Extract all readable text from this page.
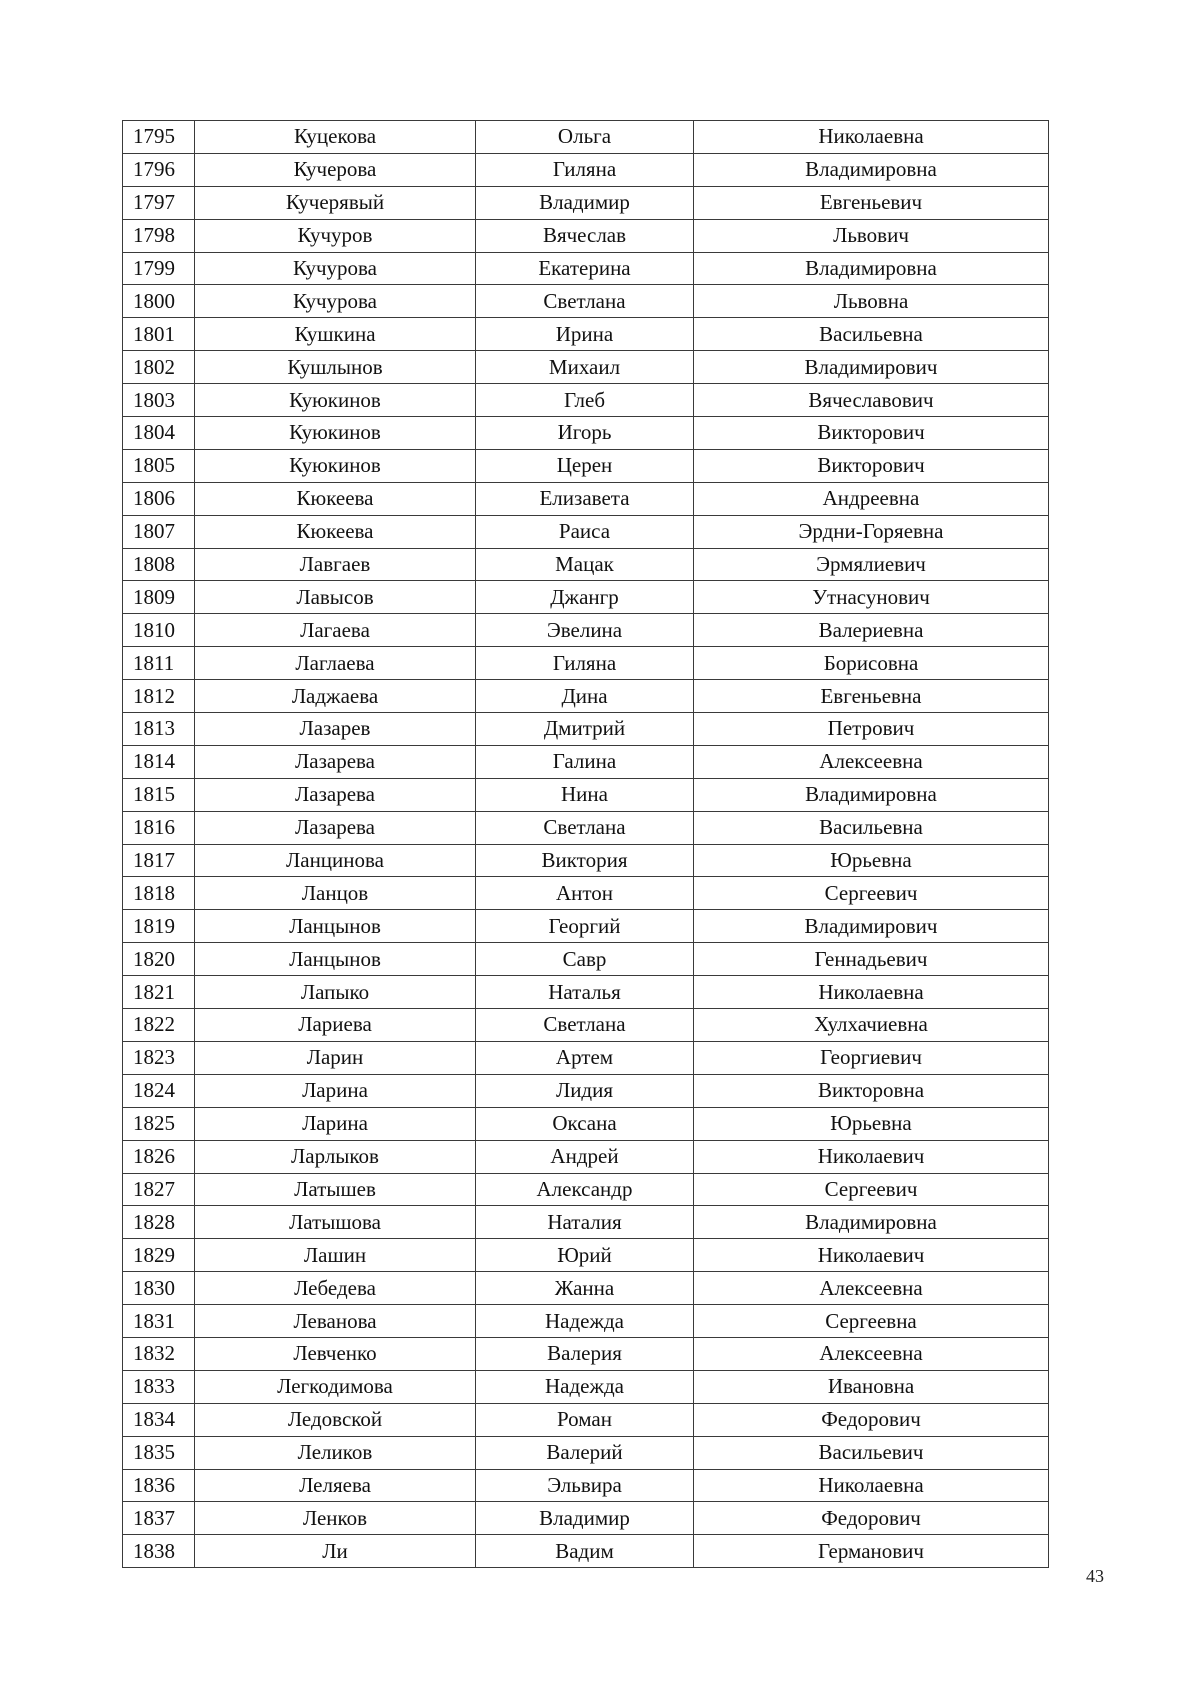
1795	Куцекова	Ольга	Николаевна
1796	Кучерова	Гиляна	Владимировна
1797	Кучерявый	Владимир	Евгеньевич
1798	Кучуров	Вячеслав	Львович
1799	Кучурова	Екатерина	Владимировна
1800	Кучурова	Светлана	Львовна
1801	Кушкина	Ирина	Васильевна
1802	Кушлынов	Михаил	Владимирович
1803	Куюкинов	Глеб	Вячеславович
1804	Куюкинов	Игорь	Викторович
1805	Куюкинов	Церен	Викторович
1806	Кюкеева	Елизавета	Андреевна
1807	Кюкеева	Раиса	Эрдни-Горяевна
1808	Лавгаев	Мацак	Эрмялиевич
1809	Лавысов	Джангр	Утнасунович
1810	Лагаева	Эвелина	Валериевна
1811	Лаглаева	Гиляна	Борисовна
1812	Ладжаева	Дина	Евгеньевна
1813	Лазарев	Дмитрий	Петрович
1814	Лазарева	Галина	Алексеевна
1815	Лазарева	Нина	Владимировна
1816	Лазарева	Светлана	Васильевна
1817	Ланцинова	Виктория	Юрьевна
1818	Ланцов	Антон	Сергеевич
1819	Ланцынов	Георгий	Владимирович
1820	Ланцынов	Савр	Геннадьевич
1821	Лапыко	Наталья	Николаевна
1822	Лариева	Светлана	Хулхачиевна
1823	Ларин	Артем	Георгиевич
1824	Ларина	Лидия	Викторовна
1825	Ларина	Оксана	Юрьевна
1826	Ларлыков	Андрей	Николаевич
1827	Латышев	Александр	Сергеевич
1828	Латышова	Наталия	Владимировна
1829	Лашин	Юрий	Николаевич
1830	Лебедева	Жанна	Алексеевна
1831	Леванова	Надежда	Сергеевна
1832	Левченко	Валерия	Алексеевна
1833	Легкодимова	Надежда	Ивановна
1834	Ледовской	Роман	Федорович
1835	Леликов	Валерий	Васильевич
1836	Леляева	Эльвира	Николаевна
1837	Ленков	Владимир	Федорович
1838	Ли	Вадим	Германович
43
